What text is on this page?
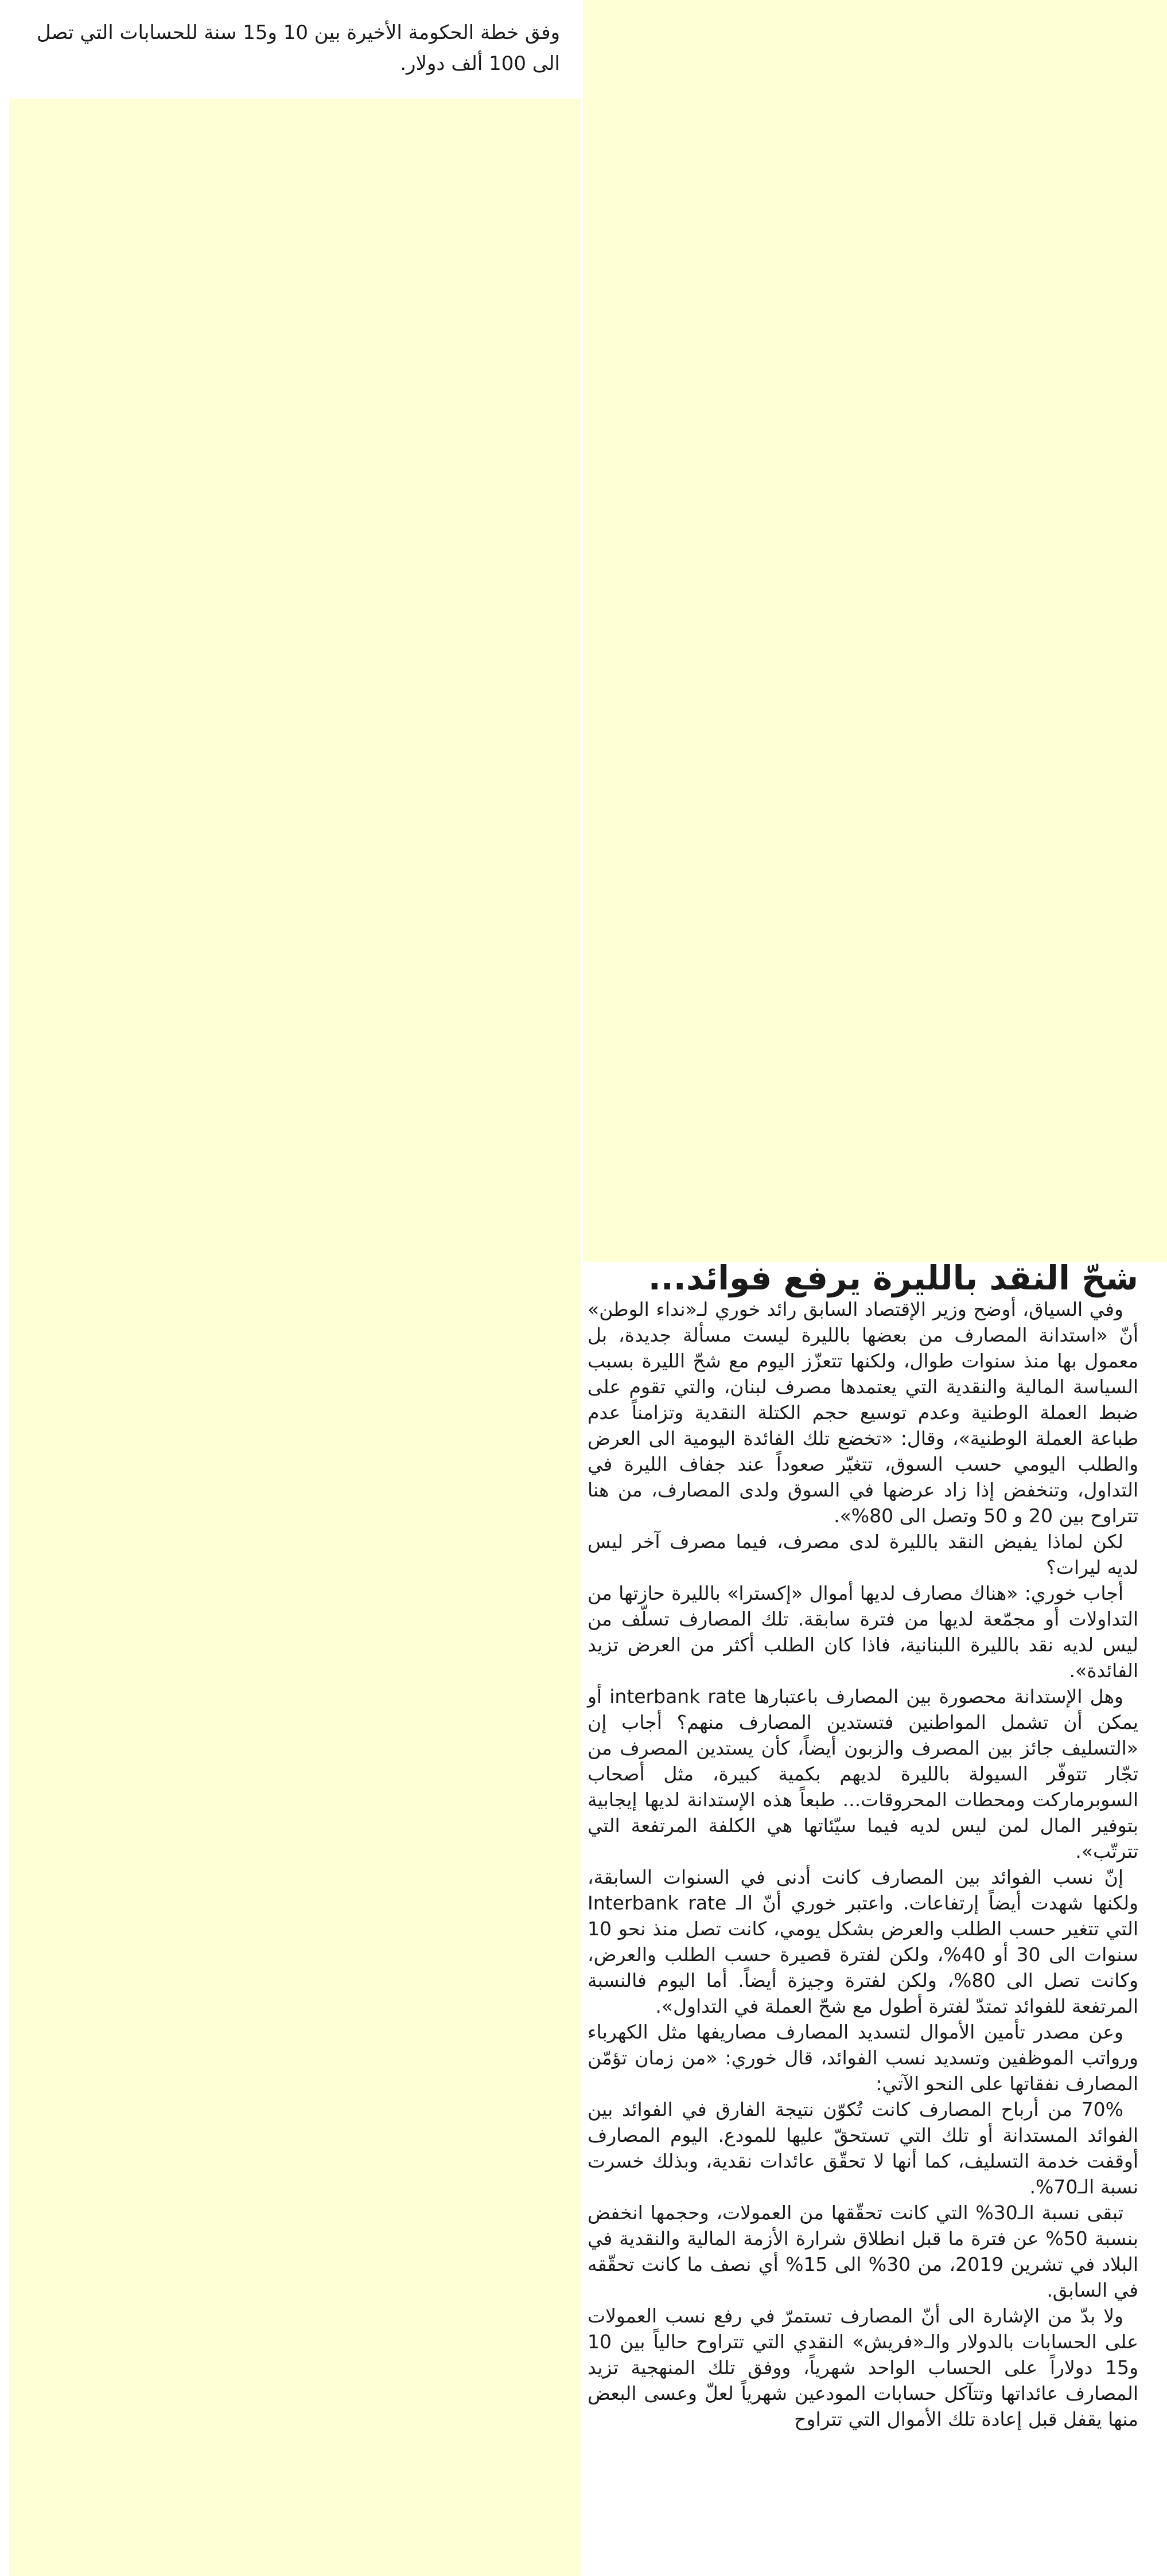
وفق خطة الحكومة الأخيرة بين 10 و15 سنة للحسابات التي تصل الى 100 ألف دولار.
شحّ النقد بالليرة يرفع فوائد...

وفي السياق، أوضح وزير الإقتصاد السابق رائد خوري لـ«نداء الوطن» أنّ «استدانة المصارف من بعضها بالليرة ليست مسألة جديدة، بل معمول بها منذ سنوات طوال، ولكنها تتعزّز اليوم مع شحّ الليرة بسبب السياسة المالية والنقدية التي يعتمدها مصرف لبنان، والتي تقوم على ضبط العملة الوطنية وعدم توسيع حجم الكتلة النقدية وتزامناً عدم طباعة العملة الوطنية»، وقال: «تخضع تلك الفائدة اليومية الى العرض والطلب اليومي حسب السوق، تتغيّر صعوداً عند جفاف الليرة في التداول، وتنخفض إذا زاد عرضها في السوق ولدى المصارف، من هنا تتراوح بين 20 و 50 وتصل الى 80%».

لكن لماذا يفيض النقد بالليرة لدى مصرف، فيما مصرف آخر ليس لديه ليرات؟

أجاب خوري: «هناك مصارف لديها أموال «إكسترا» بالليرة حازتها من التداولات أو مجمّعة لديها من فترة سابقة. تلك المصارف تسلّف من ليس لديه نقد بالليرة اللبنانية، فاذا كان الطلب أكثر من العرض تزيد الفائدة».

وهل الإستدانة محصورة بين المصارف باعتبارها interbank rate أو يمكن أن تشمل المواطنين فتستدين المصارف منهم؟ أجاب إن «التسليف جائز بين المصرف والزبون أيضاً، كأن يستدين المصرف من تجّار تتوفّر السيولة بالليرة لديهم بكمية كبيرة، مثل أصحاب السوبرماركت ومحطات المحروقات... طبعاً هذه الإستدانة لديها إيجابية بتوفير المال لمن ليس لديه فيما سيّئاتها هي الكلفة المرتفعة التي تترتّب».

إنّ نسب الفوائد بين المصارف كانت أدنى في السنوات السابقة، ولكنها شهدت أيضاً إرتفاعات. واعتبر خوري أنّ الـ Interbank rate التي تتغير حسب الطلب والعرض بشكل يومي، كانت تصل منذ نحو 10 سنوات الى 30 أو 40%، ولكن لفترة قصيرة حسب الطلب والعرض، وكانت تصل الى 80%، ولكن لفترة وجيزة أيضاً. أما اليوم فالنسبة المرتفعة للفوائد تمتدّ لفترة أطول مع شحّ العملة في التداول».

وعن مصدر تأمين الأموال لتسديد المصارف مصاريفها مثل الكهرباء ورواتب الموظفين وتسديد نسب الفوائد، قال خوري: «من زمان تؤمّن المصارف نفقاتها على النحو الآتي:

70% من أرباح المصارف كانت تُكوّن نتيجة الفارق في الفوائد بين الفوائد المستدانة أو تلك التي تستحقّ عليها للمودع. اليوم المصارف أوقفت خدمة التسليف، كما أنها لا تحقّق عائدات نقدية، وبذلك خسرت نسبة الـ70%.

تبقى نسبة الـ30% التي كانت تحقّقها من العمولات، وحجمها انخفض بنسبة 50% عن فترة ما قبل انطلاق شرارة الأزمة المالية والنقدية في البلاد في تشرين 2019، من 30% الى 15% أي نصف ما كانت تحقّقه في السابق.

ولا بدّ من الإشارة الى أنّ المصارف تستمرّ في رفع نسب العمولات على الحسابات بالدولار والـ«فريش» النقدي التي تتراوح حالياً بين 10 و15 دولاراً على الحساب الواحد شهرياً، ووفق تلك المنهجية تزيد المصارف عائداتها وتتآكل حسابات المودعين شهرياً لعلّ وعسى البعض منها يقفل قبل إعادة تلك الأموال التي تتراوح
